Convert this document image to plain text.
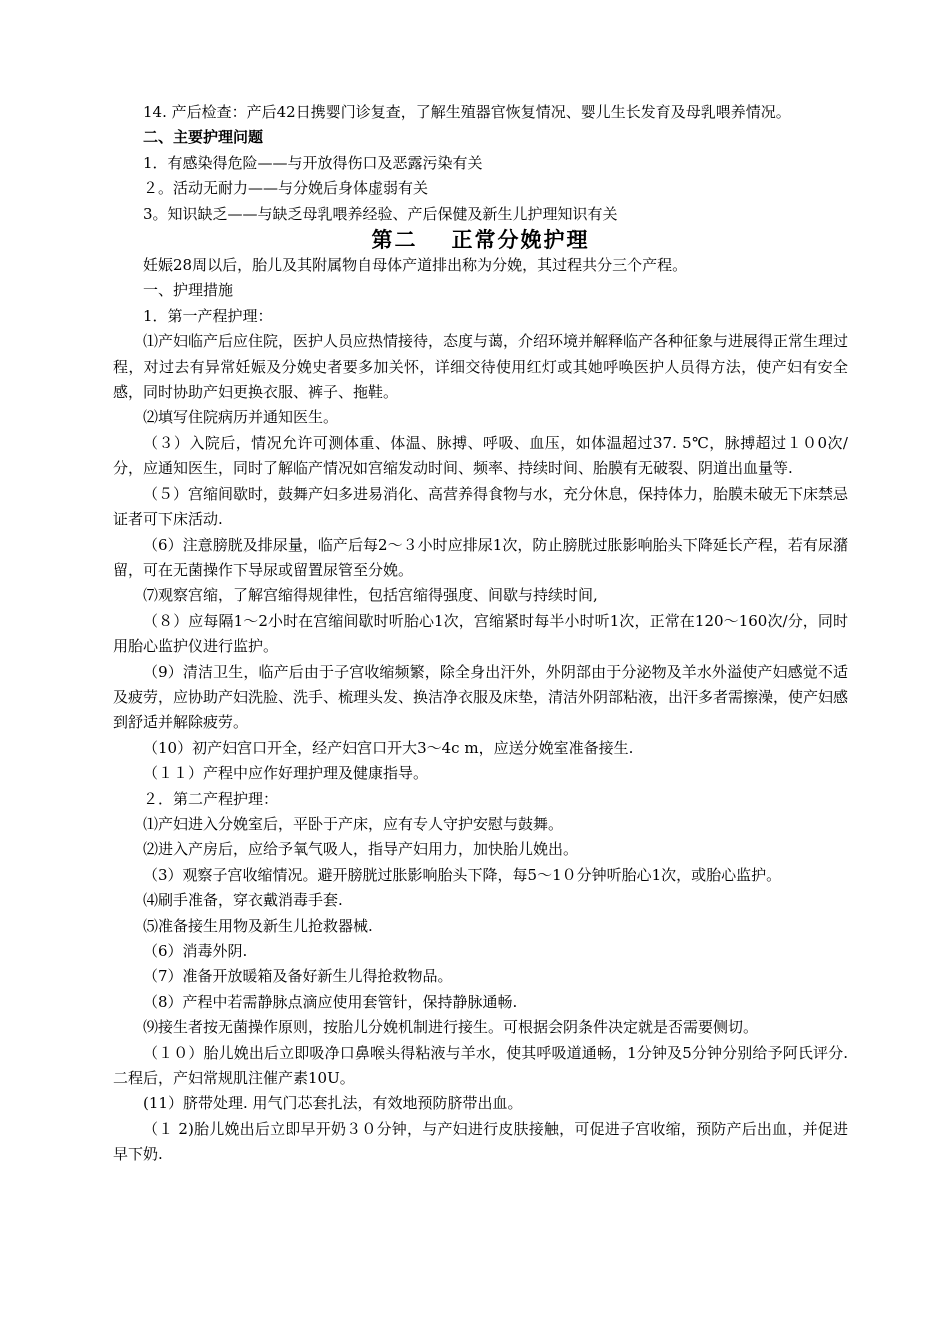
14. 产后检查：产后42日携婴门诊复查，了解生殖器官恢复情况、婴儿生长发育及母乳喂养情况。

二、主要护理问题

1．有感染得危险——与开放得伤口及恶露污染有关

２。活动无耐力——与分娩后身体虚弱有关

3。知识缺乏——与缺乏母乳喂养经验、产后保健及新生儿护理知识有关

第二 正常分娩护理

妊娠28周以后，胎儿及其附属物自母体产道排出称为分娩，其过程共分三个产程。

一、护理措施

1．第一产程护理：

⑴产妇临产后应住院，医护人员应热情接待，态度与蔼，介绍环境并解释临产各种征象与进展得正常生理过程，对过去有异常妊娠及分娩史者要多加关怀，详细交待使用红灯或其她呼唤医护人员得方法，使产妇有安全感，同时协助产妇更换衣服、裤子、拖鞋。

⑵填写住院病历并通知医生。

（３）入院后，情况允许可测体重、体温、脉搏、呼吸、血压，如体温超过37. 5℃，脉搏超过１０0次/分，应通知医生，同时了解临产情况如宫缩发动时间、频率、持续时间、胎膜有无破裂、阴道出血量等.

（５）宫缩间歇时，鼓舞产妇多进易消化、高营养得食物与水，充分休息，保持体力，胎膜未破无下床禁忌证者可下床活动.

（6）注意膀胱及排尿量，临产后每2～３小时应排尿1次，防止膀胱过胀影响胎头下降延长产程，若有尿潴留，可在无菌操作下导尿或留置尿管至分娩。

⑺观察宫缩，了解宫缩得规律性，包括宫缩得强度、间歇与持续时间,

（８）应每隔1～2小时在宫缩间歇时听胎心1次，宫缩紧时每半小时听1次，正常在120～160次/分，同时用胎心监护仪进行监护。

（9）清洁卫生，临产后由于子宫收缩频繁，除全身出汗外，外阴部由于分泌物及羊水外溢使产妇感觉不适及疲劳，应协助产妇洗脸、洗手、梳理头发、换洁净衣服及床垫，清洁外阴部粘液，出汗多者需擦澡，使产妇感到舒适并解除疲劳。

（10）初产妇宫口开全，经产妇宫口开大3～4c m，应送分娩室准备接生.

（１１）产程中应作好理护理及健康指导。

２．第二产程护理：

⑴产妇进入分娩室后，平卧于产床，应有专人守护安慰与鼓舞。

⑵进入产房后，应给予氧气吸人，指导产妇用力，加快胎儿娩出。

（3）观察子宫收缩情况。避开膀胱过胀影响胎头下降，每5～1０分钟听胎心1次，或胎心监护。

⑷刷手准备，穿衣戴消毒手套.

⑸准备接生用物及新生儿抢救器械.

（6）消毒外阴.

（7）准备开放暖箱及备好新生儿得抢救物品。

（8）产程中若需静脉点滴应使用套管针，保持静脉通畅.

⑼接生者按无菌操作原则，按胎儿分娩机制进行接生。可根据会阴条件决定就是否需要侧切。

（１０）胎儿娩出后立即吸净口鼻喉头得粘液与羊水，使其呼吸道通畅，1分钟及5分钟分别给予阿氏评分. 二程后，产妇常规肌注催产素10U。

(11）脐带处理. 用气门芯套扎法，有效地预防脐带出血。

（１ 2)胎儿娩出后立即早开奶３０分钟，与产妇进行皮肤接触，可促进子宫收缩，预防产后出血，并促进早下奶.
